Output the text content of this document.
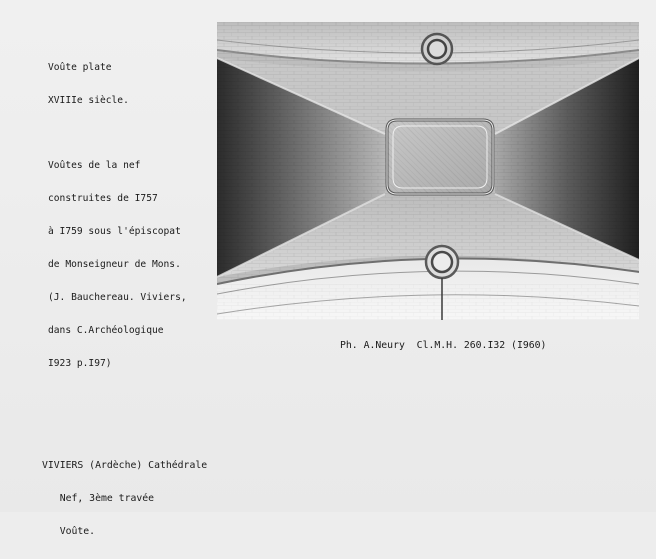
Voûte plate

XVIIIe siècle.

Voûtes de la nef

construites de I757

à I759 sous l'épiscopat

de Monseigneur de Mons.

(J. Bauchereau. Viviers,

dans C.Archéologique

I923 p.I97)

Ph. A.Neury  Cl.M.H. 260.I32 (I960)

VIVIERS (Ardèche) Cathédrale

Nef, 3ème travée

Voûte.
